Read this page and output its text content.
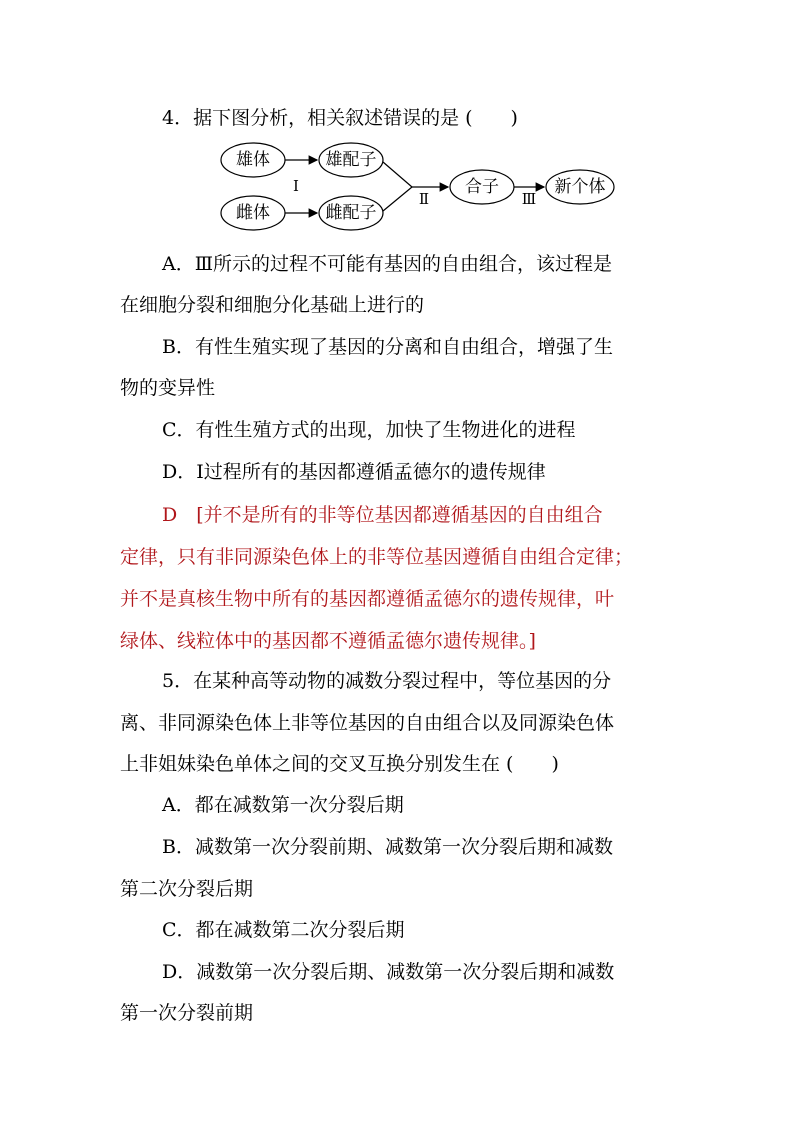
4．据下图分析，相关叙述错误的是 (　　)
雄体
雌体
雄配子
雌配子
合子	新个体
Ⅰ
Ⅱ	Ⅲ
A．Ⅲ所示的过程不可能有基因的自由组合，该过程是
在细胞分裂和细胞分化基础上进行的
B．有性生殖实现了基因的分离和自由组合，增强了生
物的变异性
C．有性生殖方式的出现，加快了生物进化的进程
D．Ⅰ过程所有的基因都遵循孟德尔的遗传规律
D　[并不是所有的非等位基因都遵循基因的自由组合
定律，只有非同源染色体上的非等位基因遵循自由组合定律；
并不是真核生物中所有的基因都遵循孟德尔的遗传规律，叶
绿体、线粒体中的基因都不遵循孟德尔遗传规律。]
5．在某种高等动物的减数分裂过程中，等位基因的分
离、非同源染色体上非等位基因的自由组合以及同源染色体
上非姐妹染色单体之间的交叉互换分别发生在 (　　)
A．都在减数第一次分裂后期
B．减数第一次分裂前期、减数第一次分裂后期和减数
第二次分裂后期
C．都在减数第二次分裂后期
D．减数第一次分裂后期、减数第一次分裂后期和减数
第一次分裂前期
